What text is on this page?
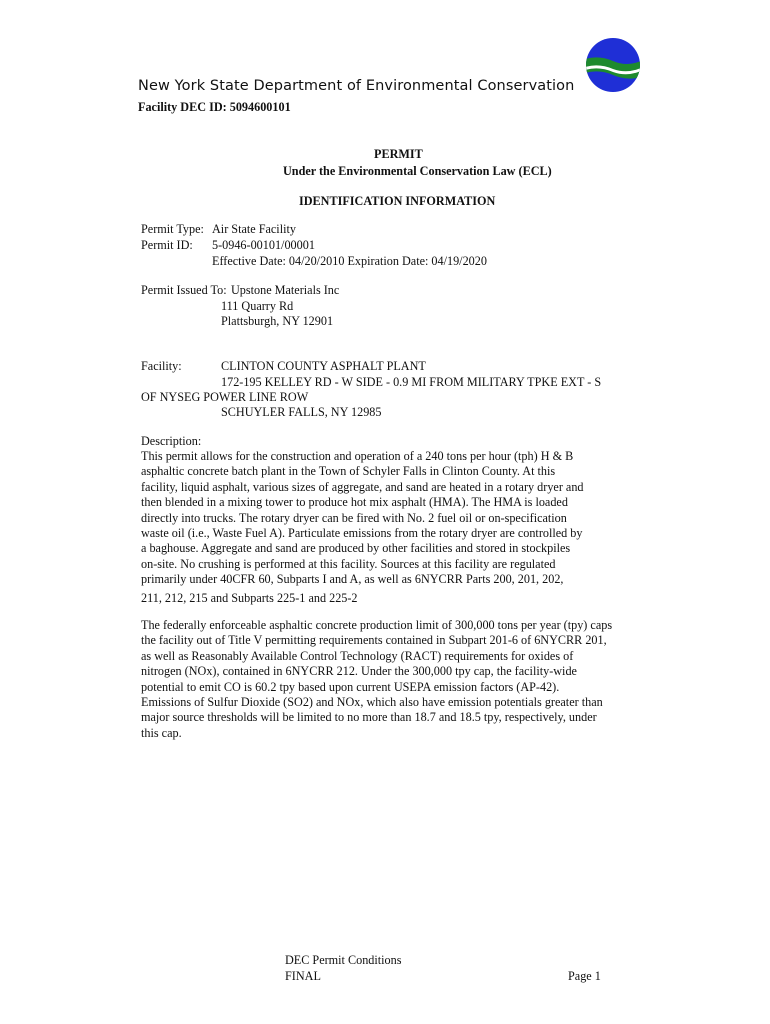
New York State Department of Environmental Conservation
Facility DEC ID: 5094600101
PERMIT
Under the Environmental Conservation Law (ECL)
IDENTIFICATION INFORMATION
Permit Type: Air State Facility
Permit ID: 5-0946-00101/00001
Effective Date: 04/20/2010 Expiration Date: 04/19/2020
Permit Issued To: Upstone Materials Inc
111 Quarry Rd
Plattsburgh, NY 12901
Facility:	CLINTON COUNTY ASPHALT PLANT
172-195 KELLEY RD - W SIDE - 0.9 MI FROM MILITARY TPKE EXT - S
OF NYSEG POWER LINE ROW
SCHUYLER FALLS, NY 12985
Description:
This permit allows for the construction and operation of a 240 tons per hour (tph) H & B
asphaltic concrete batch plant in the Town of Schyler Falls in Clinton County. At this
facility, liquid asphalt, various sizes of aggregate, and sand are heated in a rotary dryer and
then blended in a mixing tower to produce hot mix asphalt (HMA). The HMA is loaded
directly into trucks. The rotary dryer can be fired with No. 2 fuel oil or on-specification
waste oil (i.e., Waste Fuel A). Particulate emissions from the rotary dryer are controlled by
a baghouse. Aggregate and sand are produced by other facilities and stored in stockpiles
on-site. No crushing is performed at this facility. Sources at this facility are regulated
primarily under 40CFR 60, Subparts I and A, as well as 6NYCRR Parts 200, 201, 202,
211, 212, 215 and Subparts 225-1 and 225-2
The federally enforceable asphaltic concrete production limit of 300,000 tons per year (tpy) caps
the facility out of Title V permitting requirements contained in Subpart 201-6 of 6NYCRR 201,
as well as Reasonably Available Control Technology (RACT) requirements for oxides of
nitrogen (NOx), contained in 6NYCRR 212. Under the 300,000 tpy cap, the facility-wide
potential to emit CO is 60.2 tpy based upon current USEPA emission factors (AP-42).
Emissions of Sulfur Dioxide (SO2) and NOx, which also have emission potentials greater than
major source thresholds will be limited to no more than 18.7 and 18.5 tpy, respectively, under
this cap.
DEC Permit Conditions
FINAL	Page 1
